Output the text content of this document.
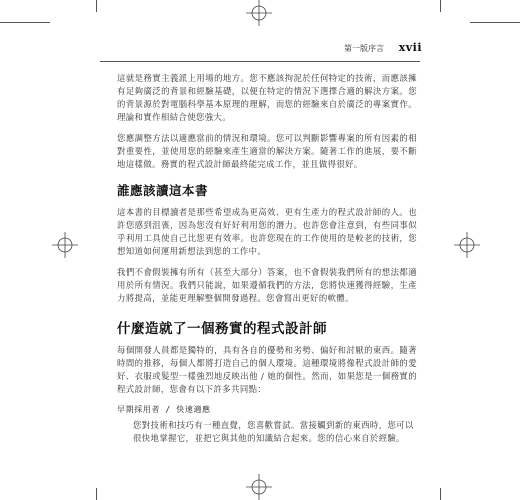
第一版序言 xvii

這就是務實主義派上用場的地方。您不應該拘泥於任何特定的技術，而應該擁有足夠廣泛的背景和經驗基礎，以便在特定的情況下選擇合適的解決方案。您的背景源於對電腦科學基本原理的理解，而您的經驗來自於廣泛的專案實作。理論和實作相結合使您強大。

您應調整方法以適應當前的情況和環境。您可以判斷影響專案的所有因素的相對重要性，並使用您的經驗來產生適當的解決方案。隨著工作的進展，要不斷地這樣做。務實的程式設計師最終能完成工作，並且做得很好。

誰應該讀這本書

這本書的目標讀者是那些希望成為更高效、更有生產力的程式設計師的人。也許您感到沮喪，因為您沒有好好利用您的潛力。也許您會注意到，有些同事似乎利用工具使自己比您更有效率。也許您現在的工作使用的是較老的技術，您想知道如何運用新想法到您的工作中。

我們不會假裝擁有所有（甚至大部分）答案，也不會假裝我們所有的想法都適用於所有情況。我們只能說，如果遵循我們的方法，您將快速獲得經驗，生產力將提高，並能更理解整個開發過程。您會寫出更好的軟體。

什麼造就了一個務實的程式設計師

每個開發人員都是獨特的，具有各自的優勢和劣勢、偏好和討厭的東西。隨著時間的推移，每個人都將打造自己的個人環境。這種環境將像程式設計師的愛好、衣服或髮型一樣強烈地反映出他 / 她的個性。然而，如果您是一個務實的程式設計師，您會有以下許多共同點：

早期採用者 / 快速適應

您對技術和技巧有一種直覺，您喜歡嘗試。當接觸到新的東西時，您可以很快地掌握它，並把它與其他的知識結合起來。您的信心來自於經驗。
